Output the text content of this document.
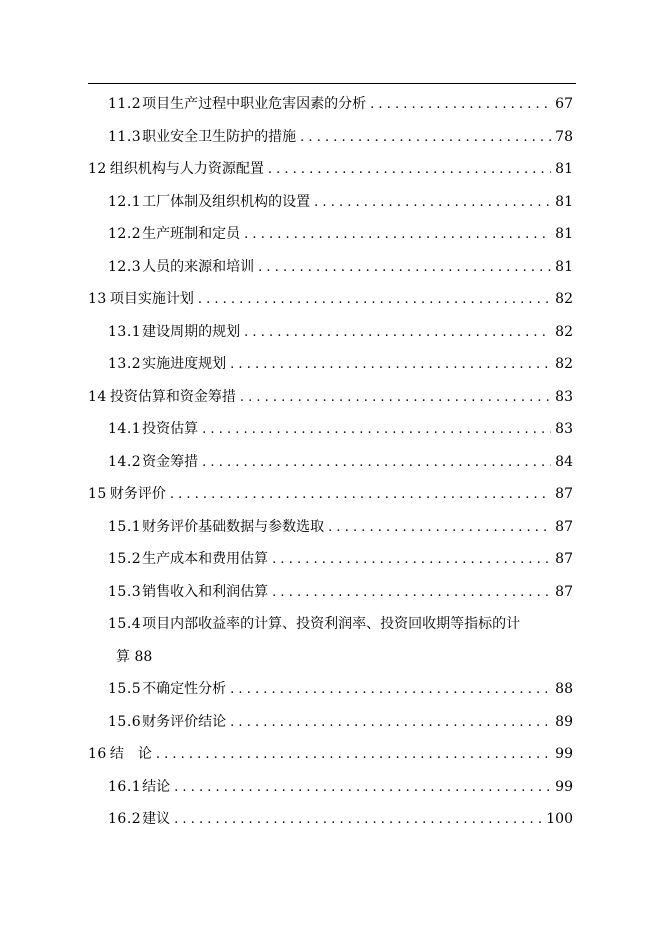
11.2 项目生产过程中职业危害因素的分析 . . .	67
11.3 职业安全卫生防护的措施 . . .	78
12 组织机构与人力资源配置 . . .	81
12.1 工厂体制及组织机构的设置 . . .	81
12.2 生产班制和定员 . . .	81
12.3 人员的来源和培训 . . .	81
13 项目实施计划 . . .	82
13.1 建设周期的规划 . . .	82
13.2 实施进度规划 . . .	82
14 投资估算和资金筹措 . . .	83
14.1 投资估算 . . .	83
14.2 资金筹措 . . .	84
15 财务评价 . . .	87
15.1 财务评价基础数据与参数选取 . . .	87
15.2 生产成本和费用估算 . . .	87
15.3 销售收入和利润估算 . . .	87
15.4项目内部收益率的计算、投资利润率、投资回收期等指标的计
算 88
15.5 不确定性分析 . . .	88
15.6 财务评价结论 . . .	89
16 结　论 . . .	99
16.1 结论 . . .	99
16.2 建议 . . .	100
